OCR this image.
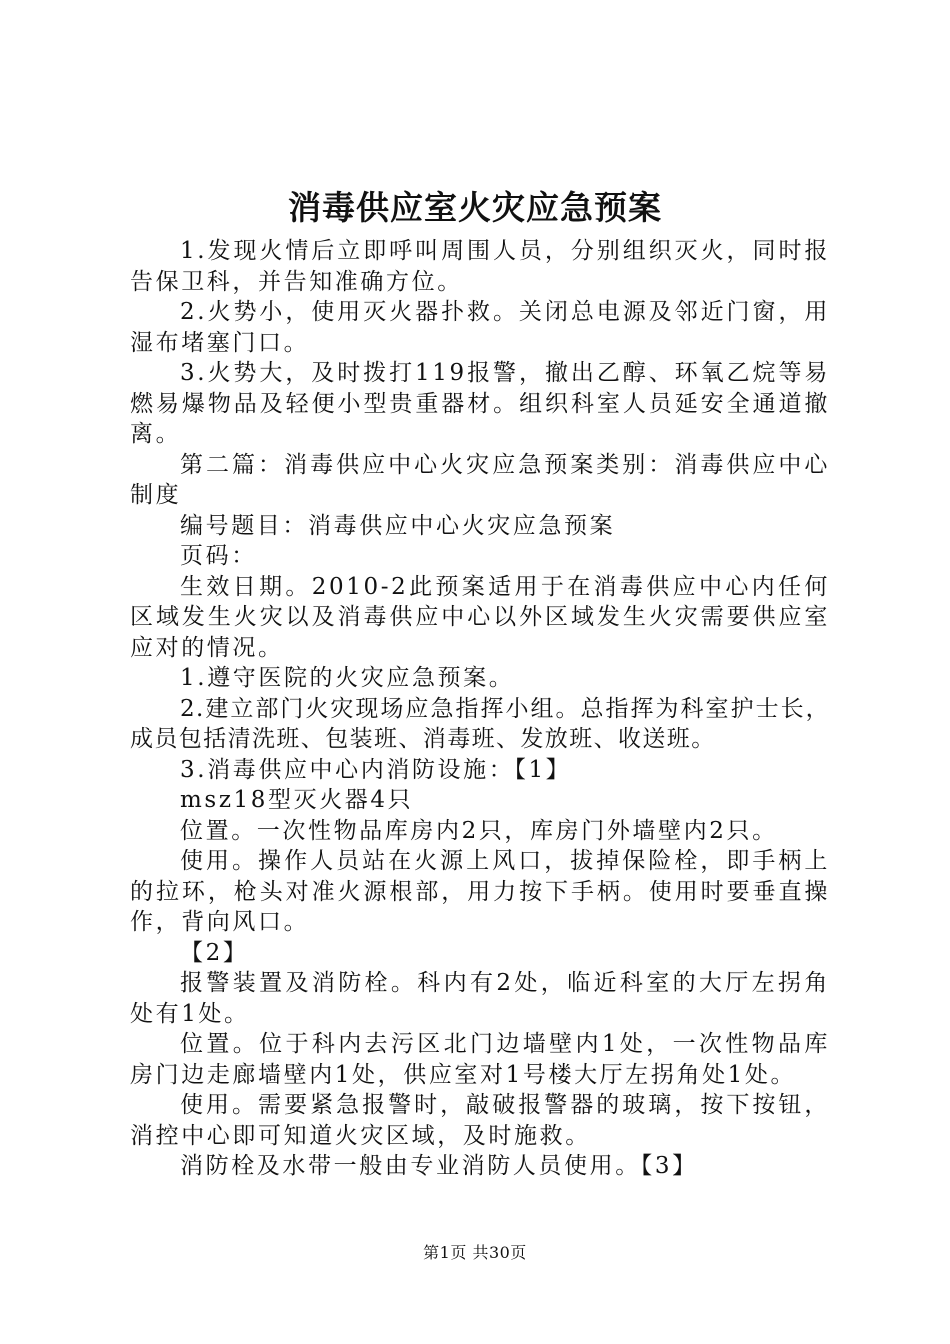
消毒供应室火灾应急预案

1.发现火情后立即呼叫周围人员，分别组织灭火，同时报告保卫科，并告知准确方位。

2.火势小，使用灭火器扑救。关闭总电源及邻近门窗，用湿布堵塞门口。

3.火势大，及时拨打119报警，撤出乙醇、环氧乙烷等易燃易爆物品及轻便小型贵重器材。组织科室人员延安全通道撤离。

第二篇：消毒供应中心火灾应急预案类别：消毒供应中心制度

编号题目：消毒供应中心火灾应急预案

页码：

生效日期。2010-2此预案适用于在消毒供应中心内任何区域发生火灾以及消毒供应中心以外区域发生火灾需要供应室应对的情况。

1.遵守医院的火灾应急预案。

2.建立部门火灾现场应急指挥小组。总指挥为科室护士长，成员包括清洗班、包装班、消毒班、发放班、收送班。

3.消毒供应中心内消防设施：【1】

msz18型灭火器4只

位置。一次性物品库房内2只，库房门外墙壁内2只。

使用。操作人员站在火源上风口，拔掉保险栓，即手柄上的拉环，枪头对准火源根部，用力按下手柄。使用时要垂直操作，背向风口。

【2】

报警装置及消防栓。科内有2处，临近科室的大厅左拐角处有1处。

位置。位于科内去污区北门边墙壁内1处，一次性物品库房门边走廊墙壁内1处，供应室对1号楼大厅左拐角处1处。

使用。需要紧急报警时，敲破报警器的玻璃，按下按钮，消控中心即可知道火灾区域，及时施救。

消防栓及水带一般由专业消防人员使用。【3】

第1页 共30页
